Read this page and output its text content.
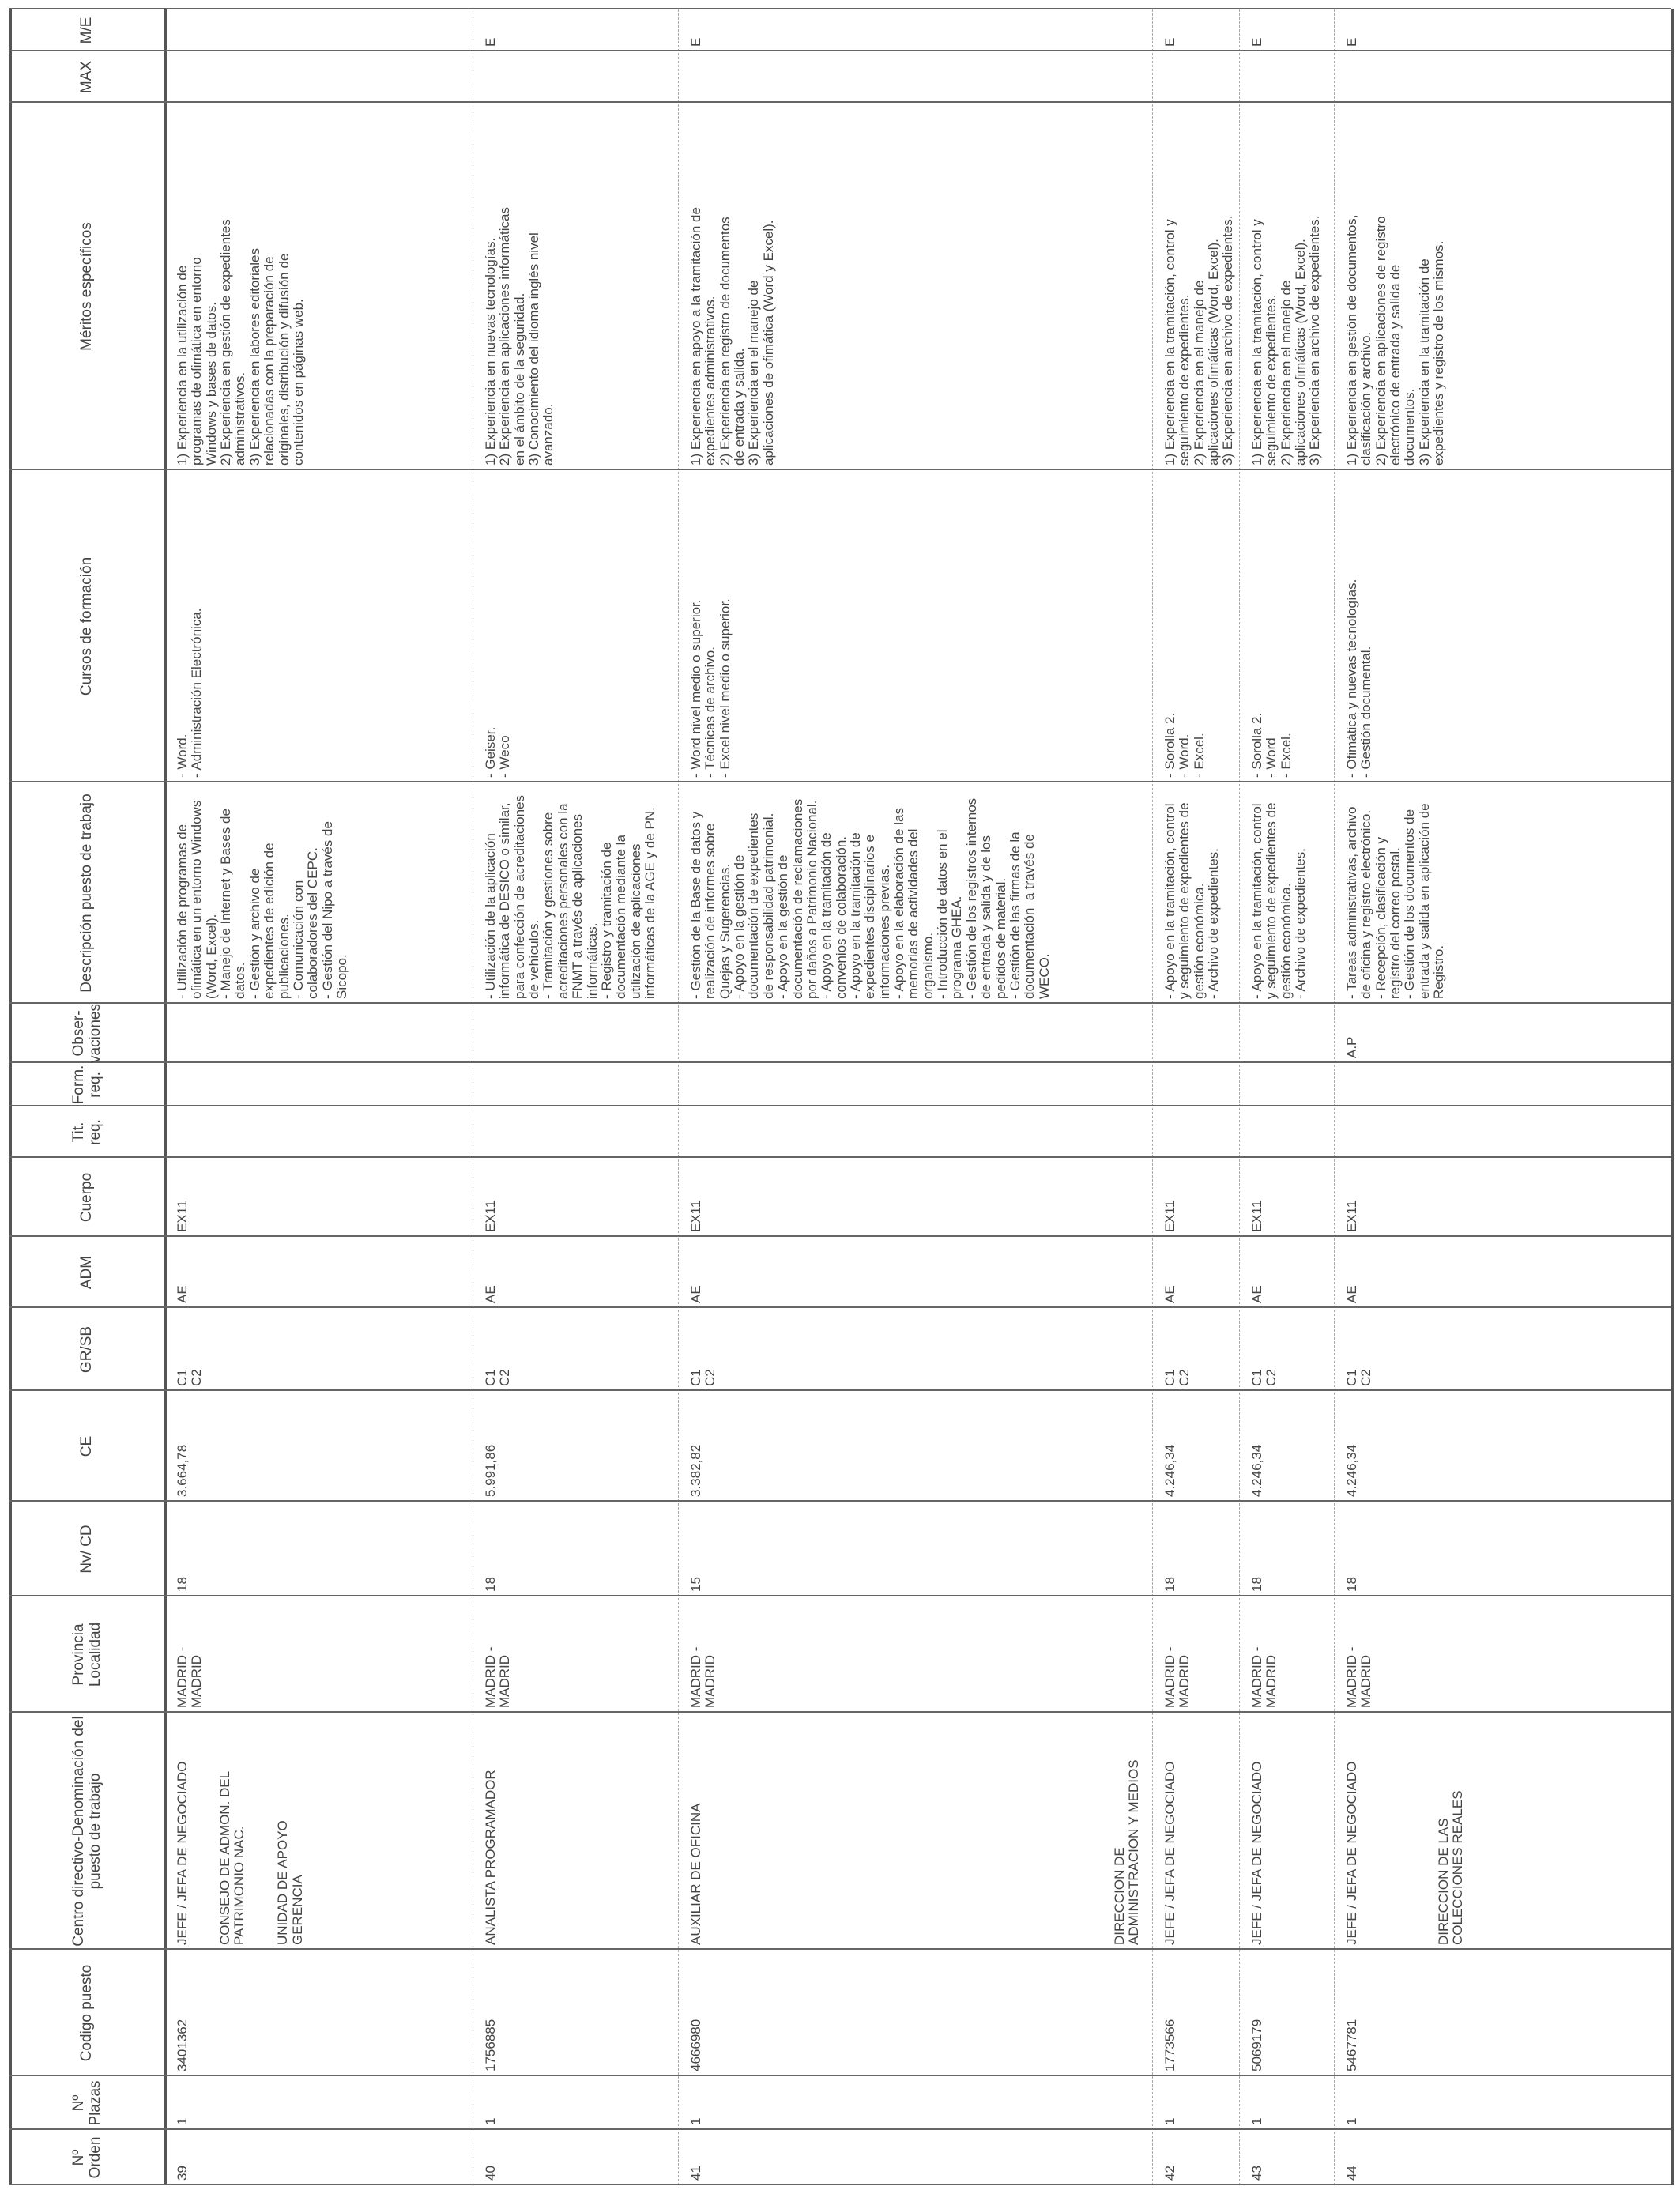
Nº Orden
Nº Plazas
Codigo puesto
Centro directivo-Denominación del puesto de trabajo
Provincia Localidad
Nv/ CD
CE
GR/SB
ADM
Cuerpo
Tit. req.
Form. req.
Obser-vaciones
Descripción puesto de trabajo
Cursos de formación
Méritos específicos
MAX
M/E
39
1
3401362
MADRID - MADRID
18
3.664,78
C1 C2
AE
EX11
- Utilización de programas de ofimática en un entorno Windows (Word, Excel). - Manejo de Internet y Bases de datos. - Gestión y archivo de expedientes de edición de publicaciones. - Comunicación con colaboradores del CEPC. - Gestión del Nipo a través de Sicopo.
- Word. - Administración Electrónica.
1) Experiencia en la utilización de programas de ofimática en entorno Windows y bases de datos. 2) Experiencia en gestión de expedientes administrativos. 3) Experiencia en labores editoriales relacionadas con la preparación de originales, distribución y difusión de contenidos en páginas web.
JEFE / JEFA DE NEGOCIADO
40
1
1756885
MADRID - MADRID
18
5.991,86
C1 C2
AE
EX11
- Utilización de la aplicación informática de DESICO o similar, para confección de acreditaciones de vehículos. - Tramitación y gestiones sobre acreditaciones personales con la FNMT a través de aplicaciones informáticas. - Registro y tramitación de documentación mediante la utilización de aplicaciones informáticas de la AGE y de PN.
- Geiser. - Weco
1) Experiencia en nuevas tecnologías. 2) Experiencia en aplicaciones informáticas en el ámbito de la seguridad. 3) Conocimiento del idioma inglés nivel avanzado.
E
ANALISTA PROGRAMADOR
41
1
4666980
MADRID - MADRID
15
3.382,82
C1 C2
AE
EX11
- Gestión de la Base de datos y realización de informes sobre Quejas y Sugerencias. - Apoyo en la gestión de documentación de expedientes de responsabilidad patrimonial. - Apoyo en la gestión de documentación de reclamaciones por daños a Patrimonio Nacional. - Apoyo en la tramitación de convenios de colaboración. - Apoyo en la tramitación de expedientes disciplinarios e informaciones previas. - Apoyo en la elaboración de las memorias de actividades del organismo. - Introducción de datos en el programa GHEA. - Gestión de los registros internos de entrada y salida y de los pedidos de material. - Gestión de las firmas de la documentación  a través de WECO.
- Word nivel medio o superior. - Técnicas de archivo. - Excel nivel medio o superior.
1) Experiencia en apoyo a la tramitación de expedientes administrativos. 2) Experiencia en registro de documentos de entrada y salida. 3) Experiencia en el manejo de aplicaciones de ofimática (Word y Excel).
E
AUXILIAR DE OFICINA
42
1
1773566
MADRID - MADRID
18
4.246,34
C1 C2
AE
EX11
- Apoyo en la tramitación, control y seguimiento de expedientes de gestión económica. - Archivo de expedientes.
- Sorolla 2. - Word. - Excel.
1) Experiencia en la tramitación, control y seguimiento de expedientes. 2) Experiencia en el manejo de aplicaciones ofimáticas (Word, Excel). 3) Experiencia en archivo de expedientes.
E
JEFE / JEFA DE NEGOCIADO
43
1
5069179
MADRID - MADRID
18
4.246,34
C1 C2
AE
EX11
- Apoyo en la tramitación, control y seguimiento de expedientes de gestión económica. - Archivo de expedientes.
- Sorolla 2. - Word - Excel.
1) Experiencia en la tramitación, control y seguimiento de expedientes. 2) Experiencia en el manejo de aplicaciones ofimáticas (Word, Excel). 3) Experiencia en archivo de expedientes.
E
JEFE / JEFA DE NEGOCIADO
44
1
5467781
MADRID - MADRID
18
4.246,34
C1 C2
AE
EX11
A.P
- Tareas administrativas, archivo de oficina y registro electrónico. - Recepción, clasificación y registro del correo postal. - Gestión de los documentos de entrada y salida en aplicación de Registro.
- Ofimática y nuevas tecnologías. - Gestión documental.
1) Experiencia en gestión de documentos, clasificación y archivo. 2) Experiencia en aplicaciones de registro electrónico de entrada y salida de documentos. 3) Experiencia en la tramitación de expedientes y registro de los mismos.
E
JEFE / JEFA DE NEGOCIADO
CONSEJO DE ADMON. DEL PATRIMONIO NAC.

UNIDAD DE APOYO GERENCIA	DIRECCION DE ADMINISTRACION Y MEDIOS	DIRECCION DE LAS COLECCIONES REALES
